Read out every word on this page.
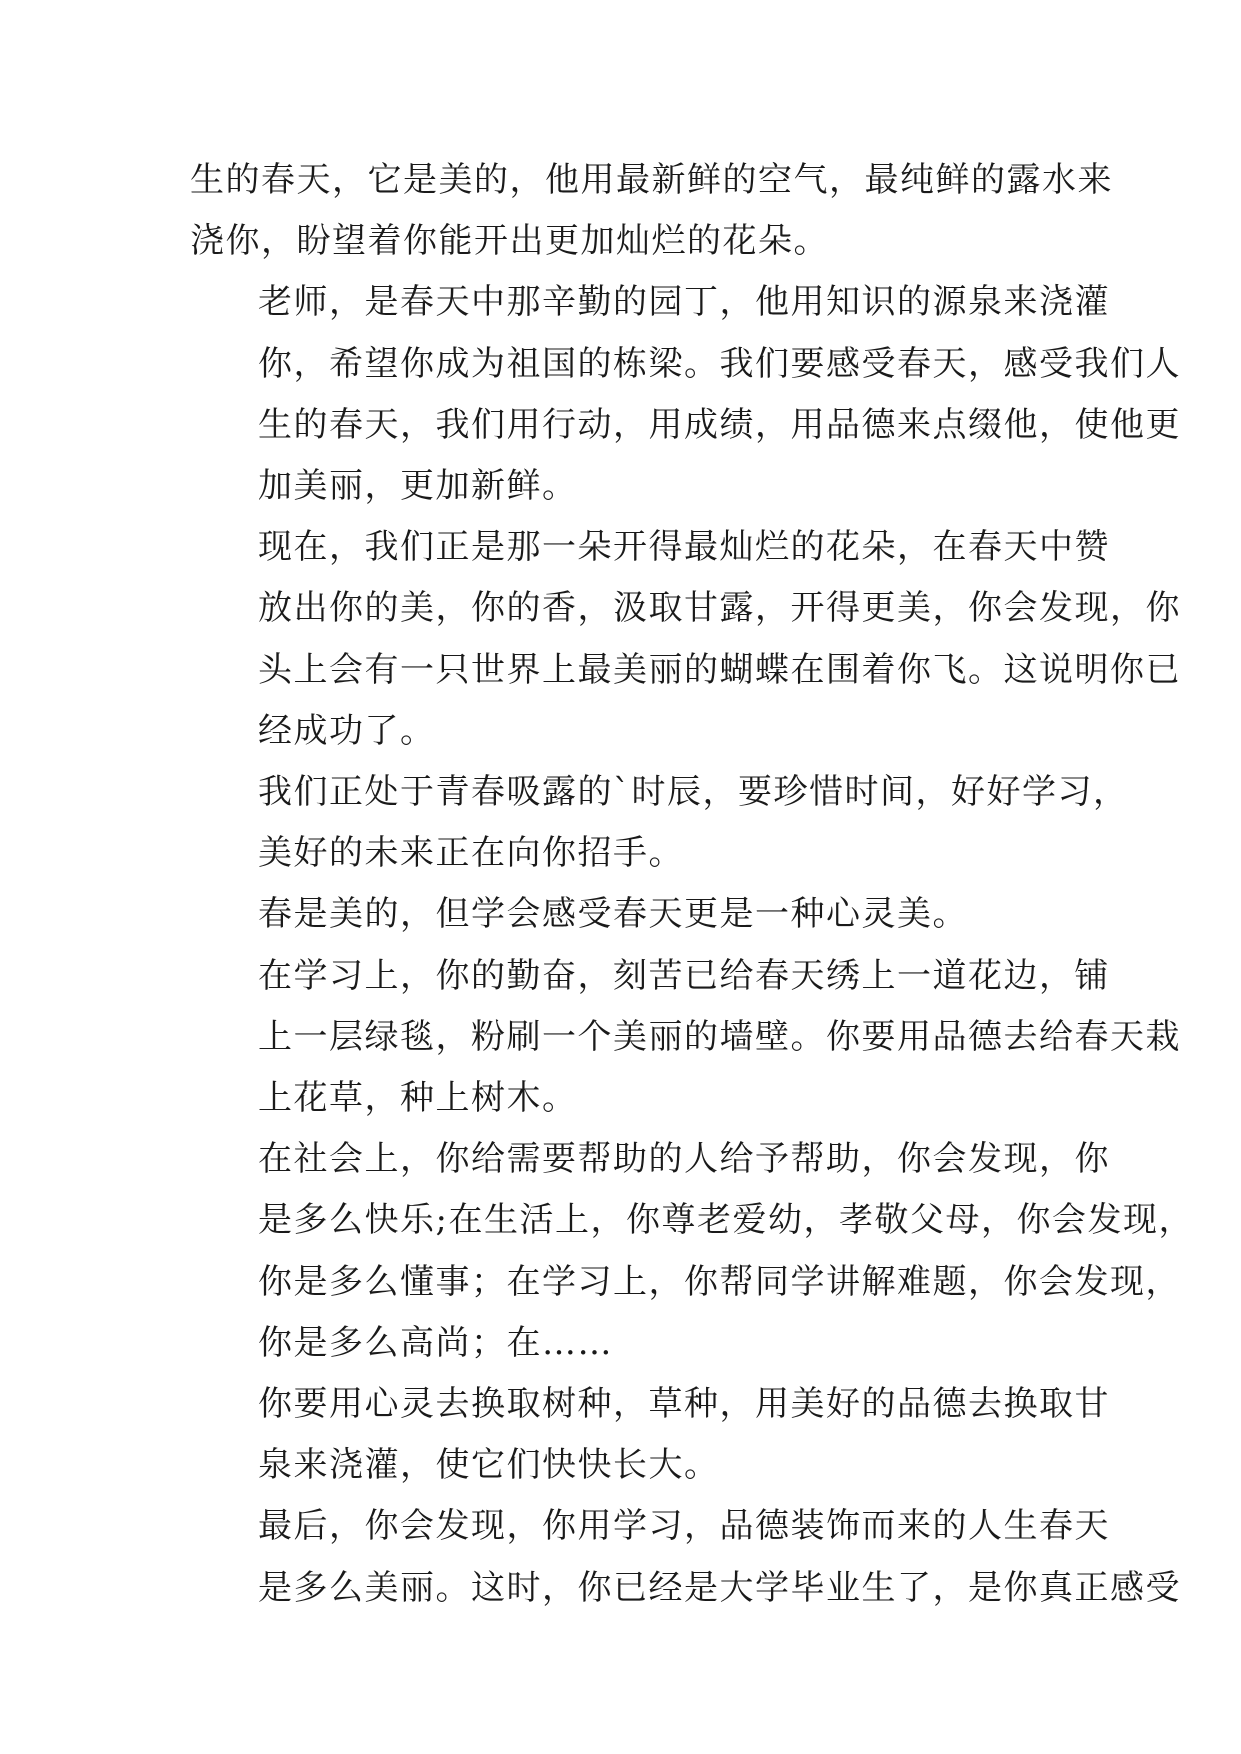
生的春天，它是美的，他用最新鲜的空气，最纯鲜的露水来
浇你，盼望着你能开出更加灿烂的花朵。

老师，是春天中那辛勤的园丁，他用知识的源泉来浇灌
你，希望你成为祖国的栋梁。我们要感受春天，感受我们人
生的春天，我们用行动，用成绩，用品德来点缀他，使他更
加美丽，更加新鲜。

现在，我们正是那一朵开得最灿烂的花朵，在春天中赞
放出你的美，你的香，汲取甘露，开得更美，你会发现，你
头上会有一只世界上最美丽的蝴蝶在围着你飞。这说明你已
经成功了。

我们正处于青春吸露的`时辰，要珍惜时间，好好学习，
美好的未来正在向你招手。

春是美的，但学会感受春天更是一种心灵美。

在学习上，你的勤奋，刻苦已给春天绣上一道花边，铺
上一层绿毯，粉刷一个美丽的墙壁。你要用品德去给春天栽
上花草，种上树木。

在社会上，你给需要帮助的人给予帮助，你会发现，你
是多么快乐;在生活上，你尊老爱幼，孝敬父母，你会发现，
你是多么懂事；在学习上，你帮同学讲解难题，你会发现，
你是多么高尚；在……

你要用心灵去换取树种，草种，用美好的品德去换取甘
泉来浇灌，使它们快快长大。

最后，你会发现，你用学习，品德装饰而来的人生春天
是多么美丽。这时，你已经是大学毕业生了，是你真正感受
